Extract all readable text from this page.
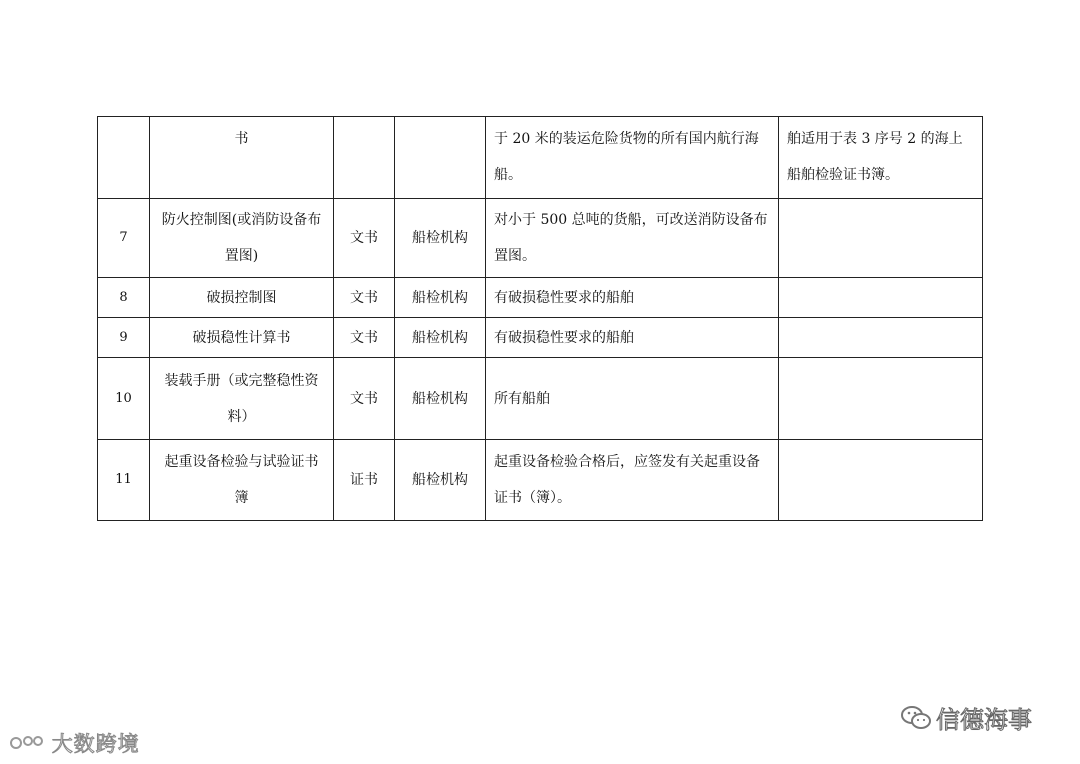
	书			于 20 米的装运危险货物的所有国内航行海船。	舶适用于表 3 序号 2 的海上船舶检验证书簿。
7	防火控制图(或消防设备布置图)	文书	船检机构	对小于 500 总吨的货船，可改送消防设备布置图。	
8	破损控制图	文书	船检机构	有破损稳性要求的船舶	
9	破损稳性计算书	文书	船检机构	有破损稳性要求的船舶	
10	装载手册（或完整稳性资料）	文书	船检机构	所有船舶	
11	起重设备检验与试验证书簿	证书	船检机构	起重设备检验合格后，应签发有关起重设备证书（簿）。	
大数跨境
信德海事
